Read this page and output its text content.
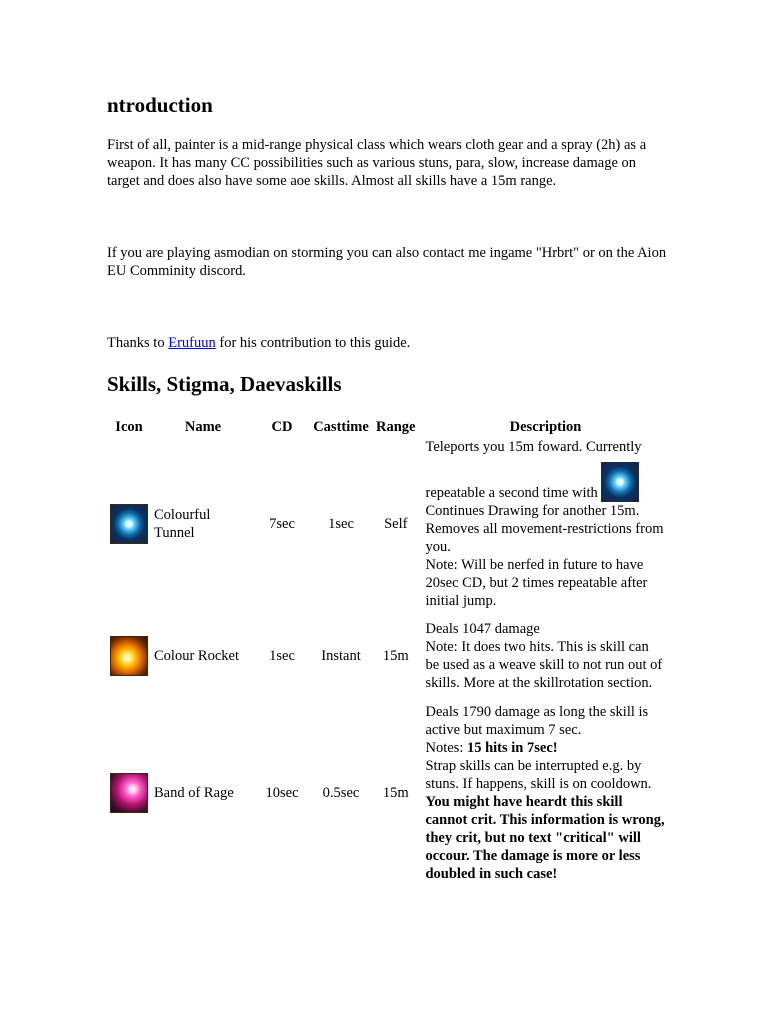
ntroduction

First of all, painter is a mid-range physical class which wears cloth gear and a spray (2h) as a weapon. It has many CC possibilities such as various stuns, para, slow, increase damage on target and does also have some aoe skills. Almost all skills have a 15m range.

If you are playing asmodian on storming you can also contact me ingame "Hrbrt" or on the Aion EU Comminity discord.

Thanks to Erufuun for his contribution to this guide.

Skills, Stigma, Daevaskills
Icon	Name	CD	Casttime	Range	Description
	Colourful Tunnel	7sec	1sec	Self	Teleports you 15m foward. Currently
repeatable a second time with
Continues Drawing for another 15m. Removes all movement-restrictions from you.
Note: Will be nerfed in future to have 20sec CD, but 2 times repeatable after initial jump.

	Colour Rocket	1sec	Instant	15m	Deals 1047 damage
Note: It does two hits. This is skill can be used as a weave skill to not run out of skills. More at the skillrotation section.

	Band of Rage	10sec	0.5sec	15m	Deals 1790 damage as long the skill is active but maximum 7 sec.
Notes: 15 hits in 7sec!
Strap skills can be interrupted e.g. by stuns. If happens, skill is on cooldown.
You might have heardt this skill cannot crit. This information is wrong, they crit, but no text "critical" will occour. The damage is more or less doubled in such case!
